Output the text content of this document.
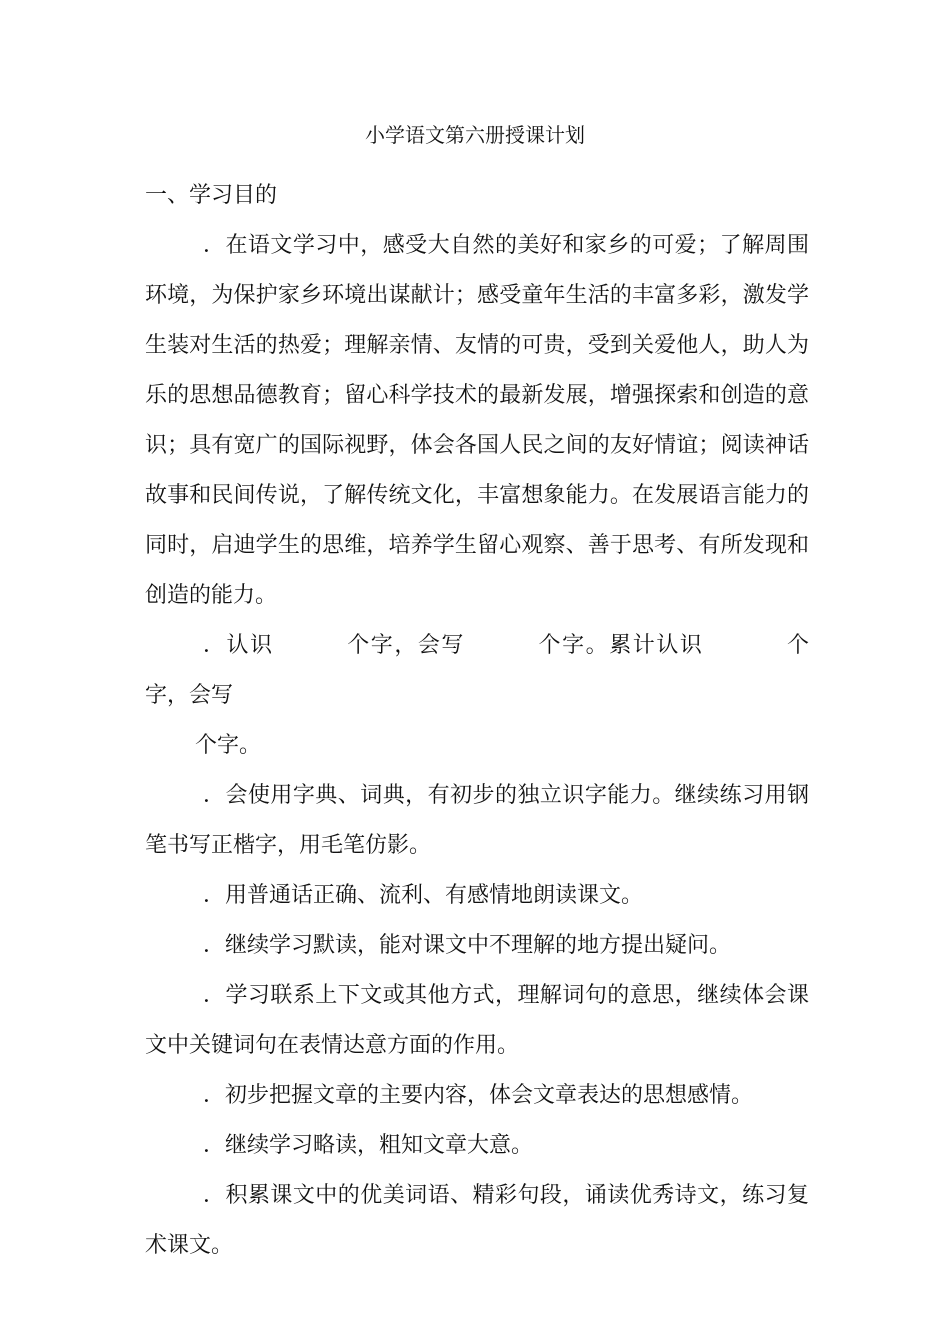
小学语文第六册授课计划

一、学习目的

．在语文学习中，感受大自然的美好和家乡的可爱；了解周围环境，为保护家乡环境出谋献计；感受童年生活的丰富多彩，激发学生装对生活的热爱；理解亲情、友情的可贵，受到关爱他人，助人为乐的思想品德教育；留心科学技术的最新发展，增强探索和创造的意识；具有宽广的国际视野，体会各国人民之间的友好情谊；阅读神话故事和民间传说，了解传统文化，丰富想象能力。在发展语言能力的同时，启迪学生的思维，培养学生留心观察、善于思考、有所发现和创造的能力。

．认识	个字，会写	个字。累计认识	个字，会写

个字。

．会使用字典、词典，有初步的独立识字能力。继续练习用钢笔书写正楷字，用毛笔仿影。

．用普通话正确、流利、有感情地朗读课文。

．继续学习默读，能对课文中不理解的地方提出疑问。

．学习联系上下文或其他方式，理解词句的意思，继续体会课文中关键词句在表情达意方面的作用。

．初步把握文章的主要内容，体会文章表达的思想感情。

．继续学习略读，粗知文章大意。

．积累课文中的优美词语、精彩句段，诵读优秀诗文，练习复术课文。
